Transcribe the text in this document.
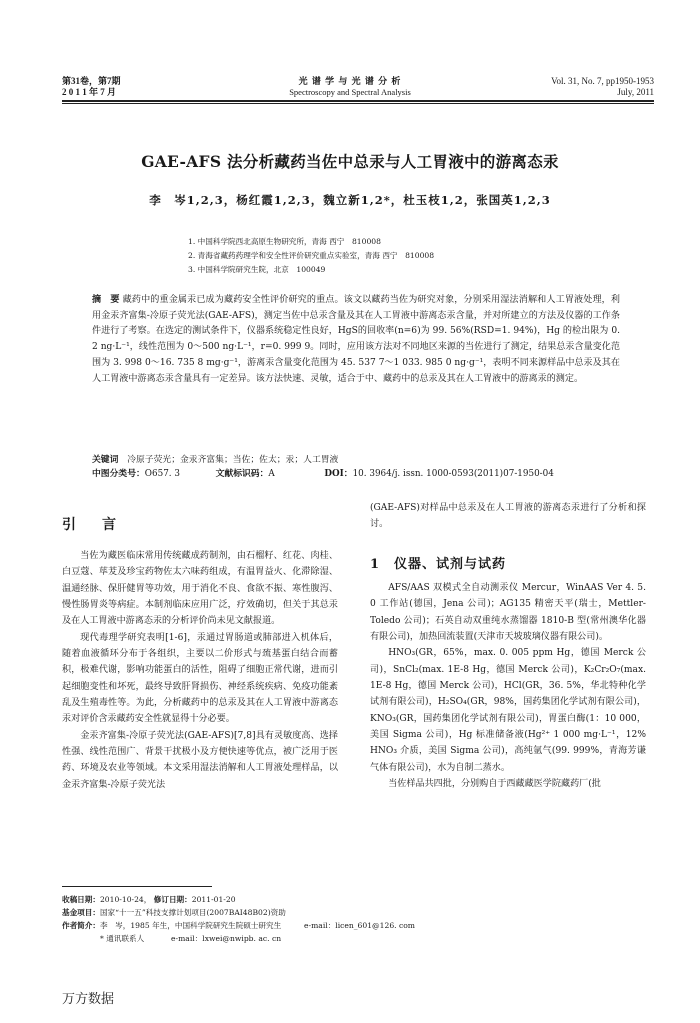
第31卷，第7期
2 0 1 1 年 7 月
光 谱 学 与 光 谱 分 析
Spectroscopy and Spectral Analysis
Vol. 31, No. 7, pp1950-1953
July, 2011
GAE-AFS 法分析藏药当佐中总汞与人工胃液中的游离态汞
李　岑1,2,3，杨红霞1,2,3，魏立新1,2*，杜玉枝1,2，张国英1,2,3
1. 中国科学院西北高原生物研究所，青海 西宁　810008
2. 青海省藏药药理学和安全性评价研究重点实验室，青海 西宁　810008
3. 中国科学院研究生院，北京　100049
摘　要 藏药中的重金属汞已成为藏药安全性评价研究的重点。该文以藏药当佐为研究对象，分别采用湿法消解和人工胃液处理，利用金汞齐富集-冷原子荧光法(GAE-AFS)，测定当佐中总汞含量及其在人工胃液中游离态汞含量，并对所建立的方法及仪器的工作条件进行了考察。在选定的测试条件下，仪器系统稳定性良好，HgS的回收率(n=6)为 99. 56%(RSD=1. 94%)，Hg 的检出限为 0. 2 ng·L⁻¹，线性范围为 0～500 ng·L⁻¹，r=0. 999 9。同时，应用该方法对不同地区来源的当佐进行了测定，结果总汞含量变化范围为 3. 998 0～16. 735 8 mg·g⁻¹，游离汞含量变化范围为 45. 537 7～1 033. 985 0 ng·g⁻¹，表明不同来源样品中总汞及其在人工胃液中游离态汞含量具有一定差异。该方法快速、灵敏，适合于中、藏药中的总汞及其在人工胃液中的游离汞的测定。
关键词 冷原子荧光；金汞齐富集；当佐；佐太；汞；人工胃液
中图分类号：O657. 3	文献标识码：A	DOI：10. 3964/j. issn. 1000-0593(2011)07-1950-04
引　言

当佐为藏医临床常用传统藏成药制剂，由石榴籽、红花、肉桂、白豆蔻、荜茇及珍宝药物佐太六味药组成，有温胃益火、化滞除湿、温通经脉、保肝健胃等功效，用于消化不良、食欲不振、寒性腹泻、慢性肠胃炎等病症。本制剂临床应用广泛，疗效确切，但关于其总汞及在人工胃液中游离态汞的分析评价尚未见文献报道。

现代毒理学研究表明[1-6]，汞通过胃肠道或肺部进入机体后，随着血液循环分布于各组织，主要以二价形式与巯基蛋白结合而蓄积，极难代谢，影响功能蛋白的活性，阻碍了细胞正常代谢，进而引起细胞变性和坏死，最终导致肝肾损伤、神经系统疾病、免疫功能紊乱及生殖毒性等。为此，分析藏药中的总汞及其在人工胃液中游离态汞对评价含汞藏药安全性就显得十分必要。

金汞齐富集-冷原子荧光法(GAE-AFS)[7,8]具有灵敏度高、选择性强、线性范围广、背景干扰极小及方便快速等优点，被广泛用于医药、环境及农业等领域。本文采用湿法消解和人工胃液处理样品，以金汞齐富集-冷原子荧光法

(GAE-AFS)对样品中总汞及在人工胃液的游离态汞进行了分析和探讨。
1　仪器、试剂与试药

AFS/AAS 双模式全自动测汞仪 Mercur，WinAAS Ver 4. 5. 0 工作站(德国，Jena 公司)；AG135 精密天平(瑞士，Mettler-Toledo 公司)；石英自动双重纯水蒸馏器 1810-B 型(常州澳华化器有限公司)，加热回流装置(天津市天坡玻璃仪器有限公司)。

HNO₃(GR，65%，max. 0. 005 ppm Hg，德国 Merck 公司)，SnCl₂(max. 1E-8 Hg，德国 Merck 公司)，K₂Cr₂O₇(max. 1E-8 Hg，德国 Merck 公司)，HCl(GR，36. 5%，华北特种化学试剂有限公司)，H₂SO₄(GR，98%，国药集团化学试剂有限公司)，KNO₃(GR，国药集团化学试剂有限公司)，胃蛋白酶(1：10 000，美国 Sigma 公司)，Hg 标准储备液(Hg²⁺ 1 000 mg·L⁻¹，12% HNO₃ 介质，美国 Sigma 公司)，高纯氩气(99. 999%，青海芳谦气体有限公司)，水为自制二蒸水。

当佐样品共四批，分别购自于西藏藏医学院藏药厂(批

收稿日期：2010-10-24， 修订日期：2011-01-20
基金项目：国家“十一五”科技支撑计划项目(2007BAI48B02)资助
作者简介：李　岑，1985 年生，中国科学院研究生院硕士研究生	e-mail：licen_601@126. com
* 通讯联系人	e-mail：lxwei@nwipb. ac. cn
万方数据
